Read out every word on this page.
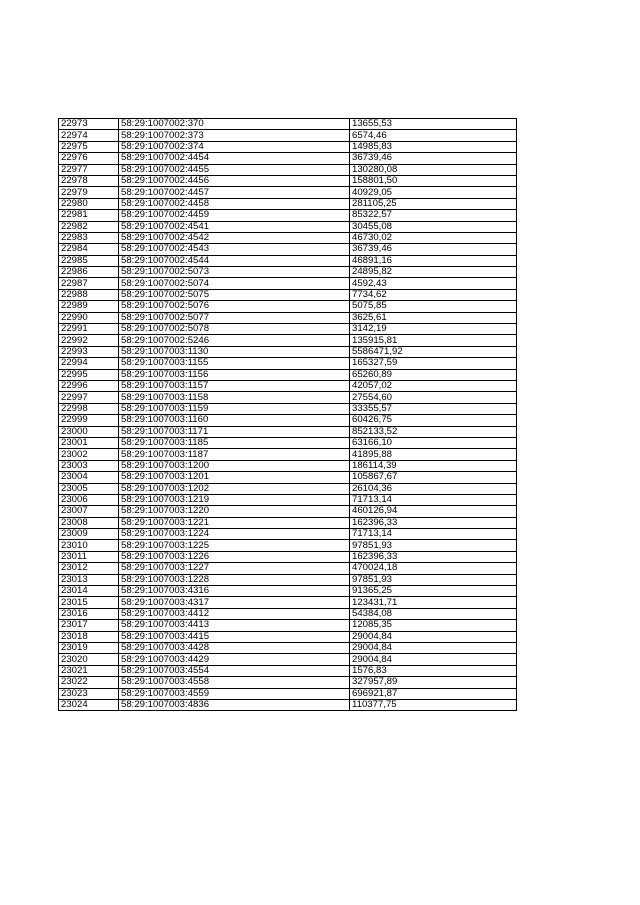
22973	58:29:1007002:370	13655,53
22974	58:29:1007002:373	6574,46
22975	58:29:1007002:374	14985,83
22976	58:29:1007002:4454	36739,46
22977	58:29:1007002:4455	130280,08
22978	58:29:1007002:4456	158801,50
22979	58:29:1007002:4457	40929,05
22980	58:29:1007002:4458	281105,25
22981	58:29:1007002:4459	85322,57
22982	58:29:1007002:4541	30455,08
22983	58:29:1007002:4542	46730,02
22984	58:29:1007002:4543	36739,46
22985	58:29:1007002:4544	46891,16
22986	58:29:1007002:5073	24895,82
22987	58:29:1007002:5074	4592,43
22988	58:29:1007002:5075	7734,62
22989	58:29:1007002:5076	5075,85
22990	58:29:1007002:5077	3625,61
22991	58:29:1007002:5078	3142,19
22992	58:29:1007002:5246	135915,81
22993	58:29:1007003:1130	5586471,92
22994	58:29:1007003:1155	165327,59
22995	58:29:1007003:1156	65260,89
22996	58:29:1007003:1157	42057,02
22997	58:29:1007003:1158	27554,60
22998	58:29:1007003:1159	33355,57
22999	58:29:1007003:1160	60426,75
23000	58:29:1007003:1171	852133,52
23001	58:29:1007003:1185	63166,10
23002	58:29:1007003:1187	41895,88
23003	58:29:1007003:1200	186114,39
23004	58:29:1007003:1201	105867,67
23005	58:29:1007003:1202	26104,36
23006	58:29:1007003:1219	71713,14
23007	58:29:1007003:1220	460126,94
23008	58:29:1007003:1221	162396,33
23009	58:29:1007003:1224	71713,14
23010	58:29:1007003:1225	97851,93
23011	58:29:1007003:1226	162396,33
23012	58:29:1007003:1227	470024,18
23013	58:29:1007003:1228	97851,93
23014	58:29:1007003:4316	91365,25
23015	58:29:1007003:4317	123431,71
23016	58:29:1007003:4412	54384,08
23017	58:29:1007003:4413	12085,35
23018	58:29:1007003:4415	29004,84
23019	58:29:1007003:4428	29004,84
23020	58:29:1007003:4429	29004,84
23021	58:29:1007003:4554	1576,83
23022	58:29:1007003:4558	327957,89
23023	58:29:1007003:4559	696921,87
23024	58:29:1007003:4836	110377,75
